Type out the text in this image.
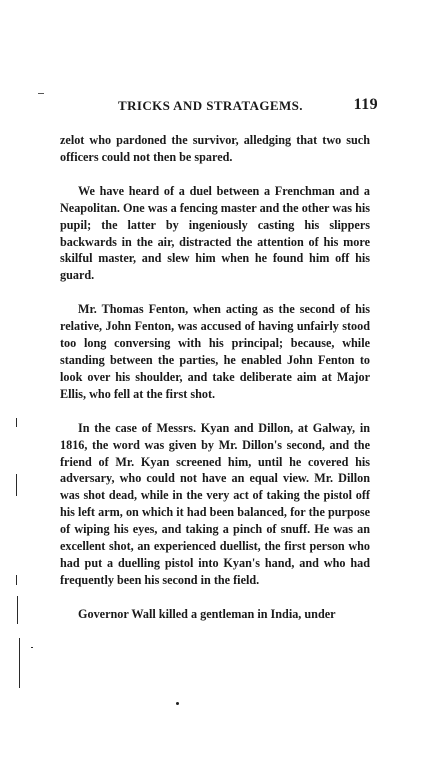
TRICKS AND STRATAGEMS.	119

zelot who pardoned the survivor, alledging that two such officers could not then be spared.

We have heard of a duel between a Frenchman and a Neapolitan. One was a fencing master and the other was his pupil; the latter by ingeniously casting his slippers backwards in the air, distracted the attention of his more skilful master, and slew him when he found him off his guard.

Mr. Thomas Fenton, when acting as the second of his relative, John Fenton, was accused of having unfairly stood too long conversing with his principal; because, while standing between the parties, he enabled John Fenton to look over his shoulder, and take deliberate aim at Major Ellis, who fell at the first shot.

In the case of Messrs. Kyan and Dillon, at Galway, in 1816, the word was given by Mr. Dillon's second, and the friend of Mr. Kyan screened him, until he covered his adversary, who could not have an equal view. Mr. Dillon was shot dead, while in the very act of taking the pistol off his left arm, on which it had been balanced, for the purpose of wiping his eyes, and taking a pinch of snuff. He was an excellent shot, an experienced duellist, the first person who had put a duelling pistol into Kyan's hand, and who had frequently been his second in the field.

Governor Wall killed a gentleman in India, under
